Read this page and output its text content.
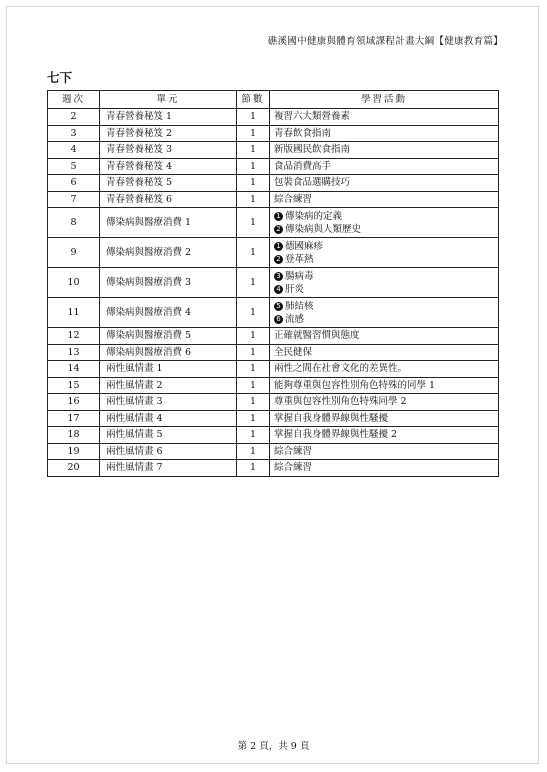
礁溪國中健康與體育領域課程計畫大綱【健康教育篇】
七下
週次	單元	節數	學習活動
2	青春營養秘笈 1	1	複習六大類營養素

3	青春營養秘笈 2	1	青春飲食指南

4	青春營養秘笈 3	1	新版國民飲食指南

5	青春營養秘笈 4	1	食品消費高手

6	青春營養秘笈 5	1	包裝食品選購技巧

7	青春營養秘笈 6	1	綜合練習

8	傳染病與醫療消費 1	1	1 傳染病的定義
2 傳染病與人類歷史

9	傳染病與醫療消費 2	1	1 德國麻疹
2 登革熱

10	傳染病與醫療消費 3	1	3 腸病毒
4 肝炎

11	傳染病與醫療消費 4	1	5 肺結核
6 流感

12	傳染病與醫療消費 5	1	正確就醫習慣與態度

13	傳染病與醫療消費 6	1	全民健保

14	兩性風情畫 1	1	兩性之間在社會文化的差異性。

15	兩性風情畫 2	1	能夠尊重與包容性別角色特殊的同學 1

16	兩性風情畫 3	1	尊重與包容性別角色特殊同學 2

17	兩性風情畫 4	1	掌握自我身體界線與性騷擾

18	兩性風情畫 5	1	掌握自我身體界線與性騷擾 2

19	兩性風情畫 6	1	綜合練習

20	兩性風情畫 7	1	綜合練習
第 2 頁，共 9 頁
